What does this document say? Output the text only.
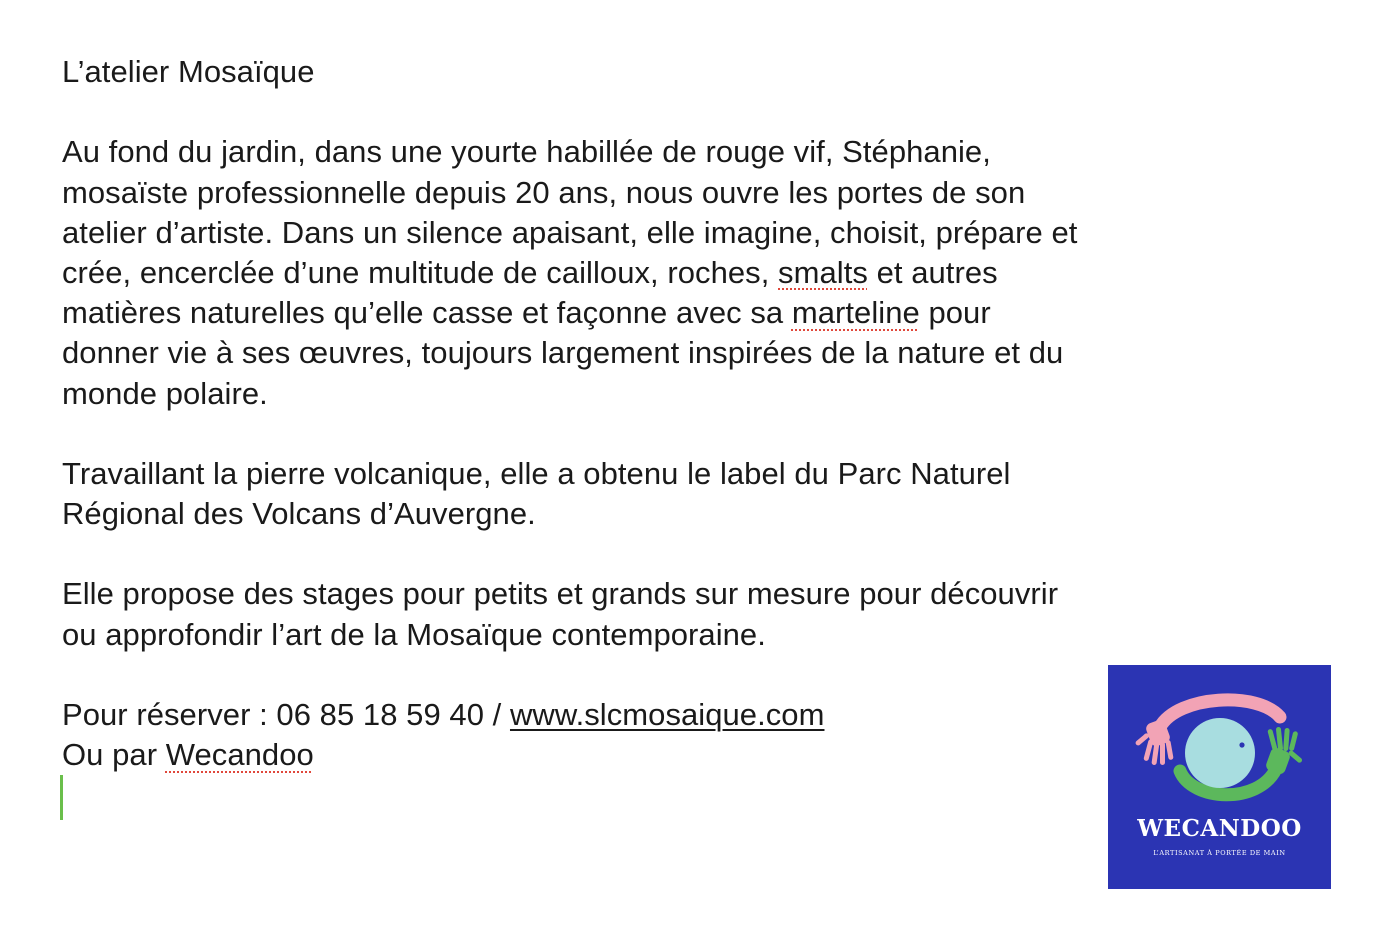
L’atelier Mosaïque
Au fond du jardin, dans une yourte habillée de rouge vif, Stéphanie,
mosaïste professionnelle depuis 20 ans, nous ouvre les portes de son
atelier d’artiste. Dans un silence apaisant, elle imagine, choisit, prépare et
crée, encerclée d’une multitude de cailloux, roches, smalts et autres
matières naturelles qu’elle casse et façonne avec sa marteline pour
donner vie à ses œuvres, toujours largement inspirées de la nature et du
monde polaire.
Travaillant la pierre volcanique, elle a obtenu le label du Parc Naturel
Régional des Volcans d’Auvergne.
Elle propose des stages pour petits et grands sur mesure pour découvrir
ou approfondir l’art de la Mosaïque contemporaine.
Pour réserver : 06 85 18 59 40 / www.slcmosaique.com
Ou par Wecandoo
WECANDOO
L’ARTISANAT À PORTÉE DE MAIN
